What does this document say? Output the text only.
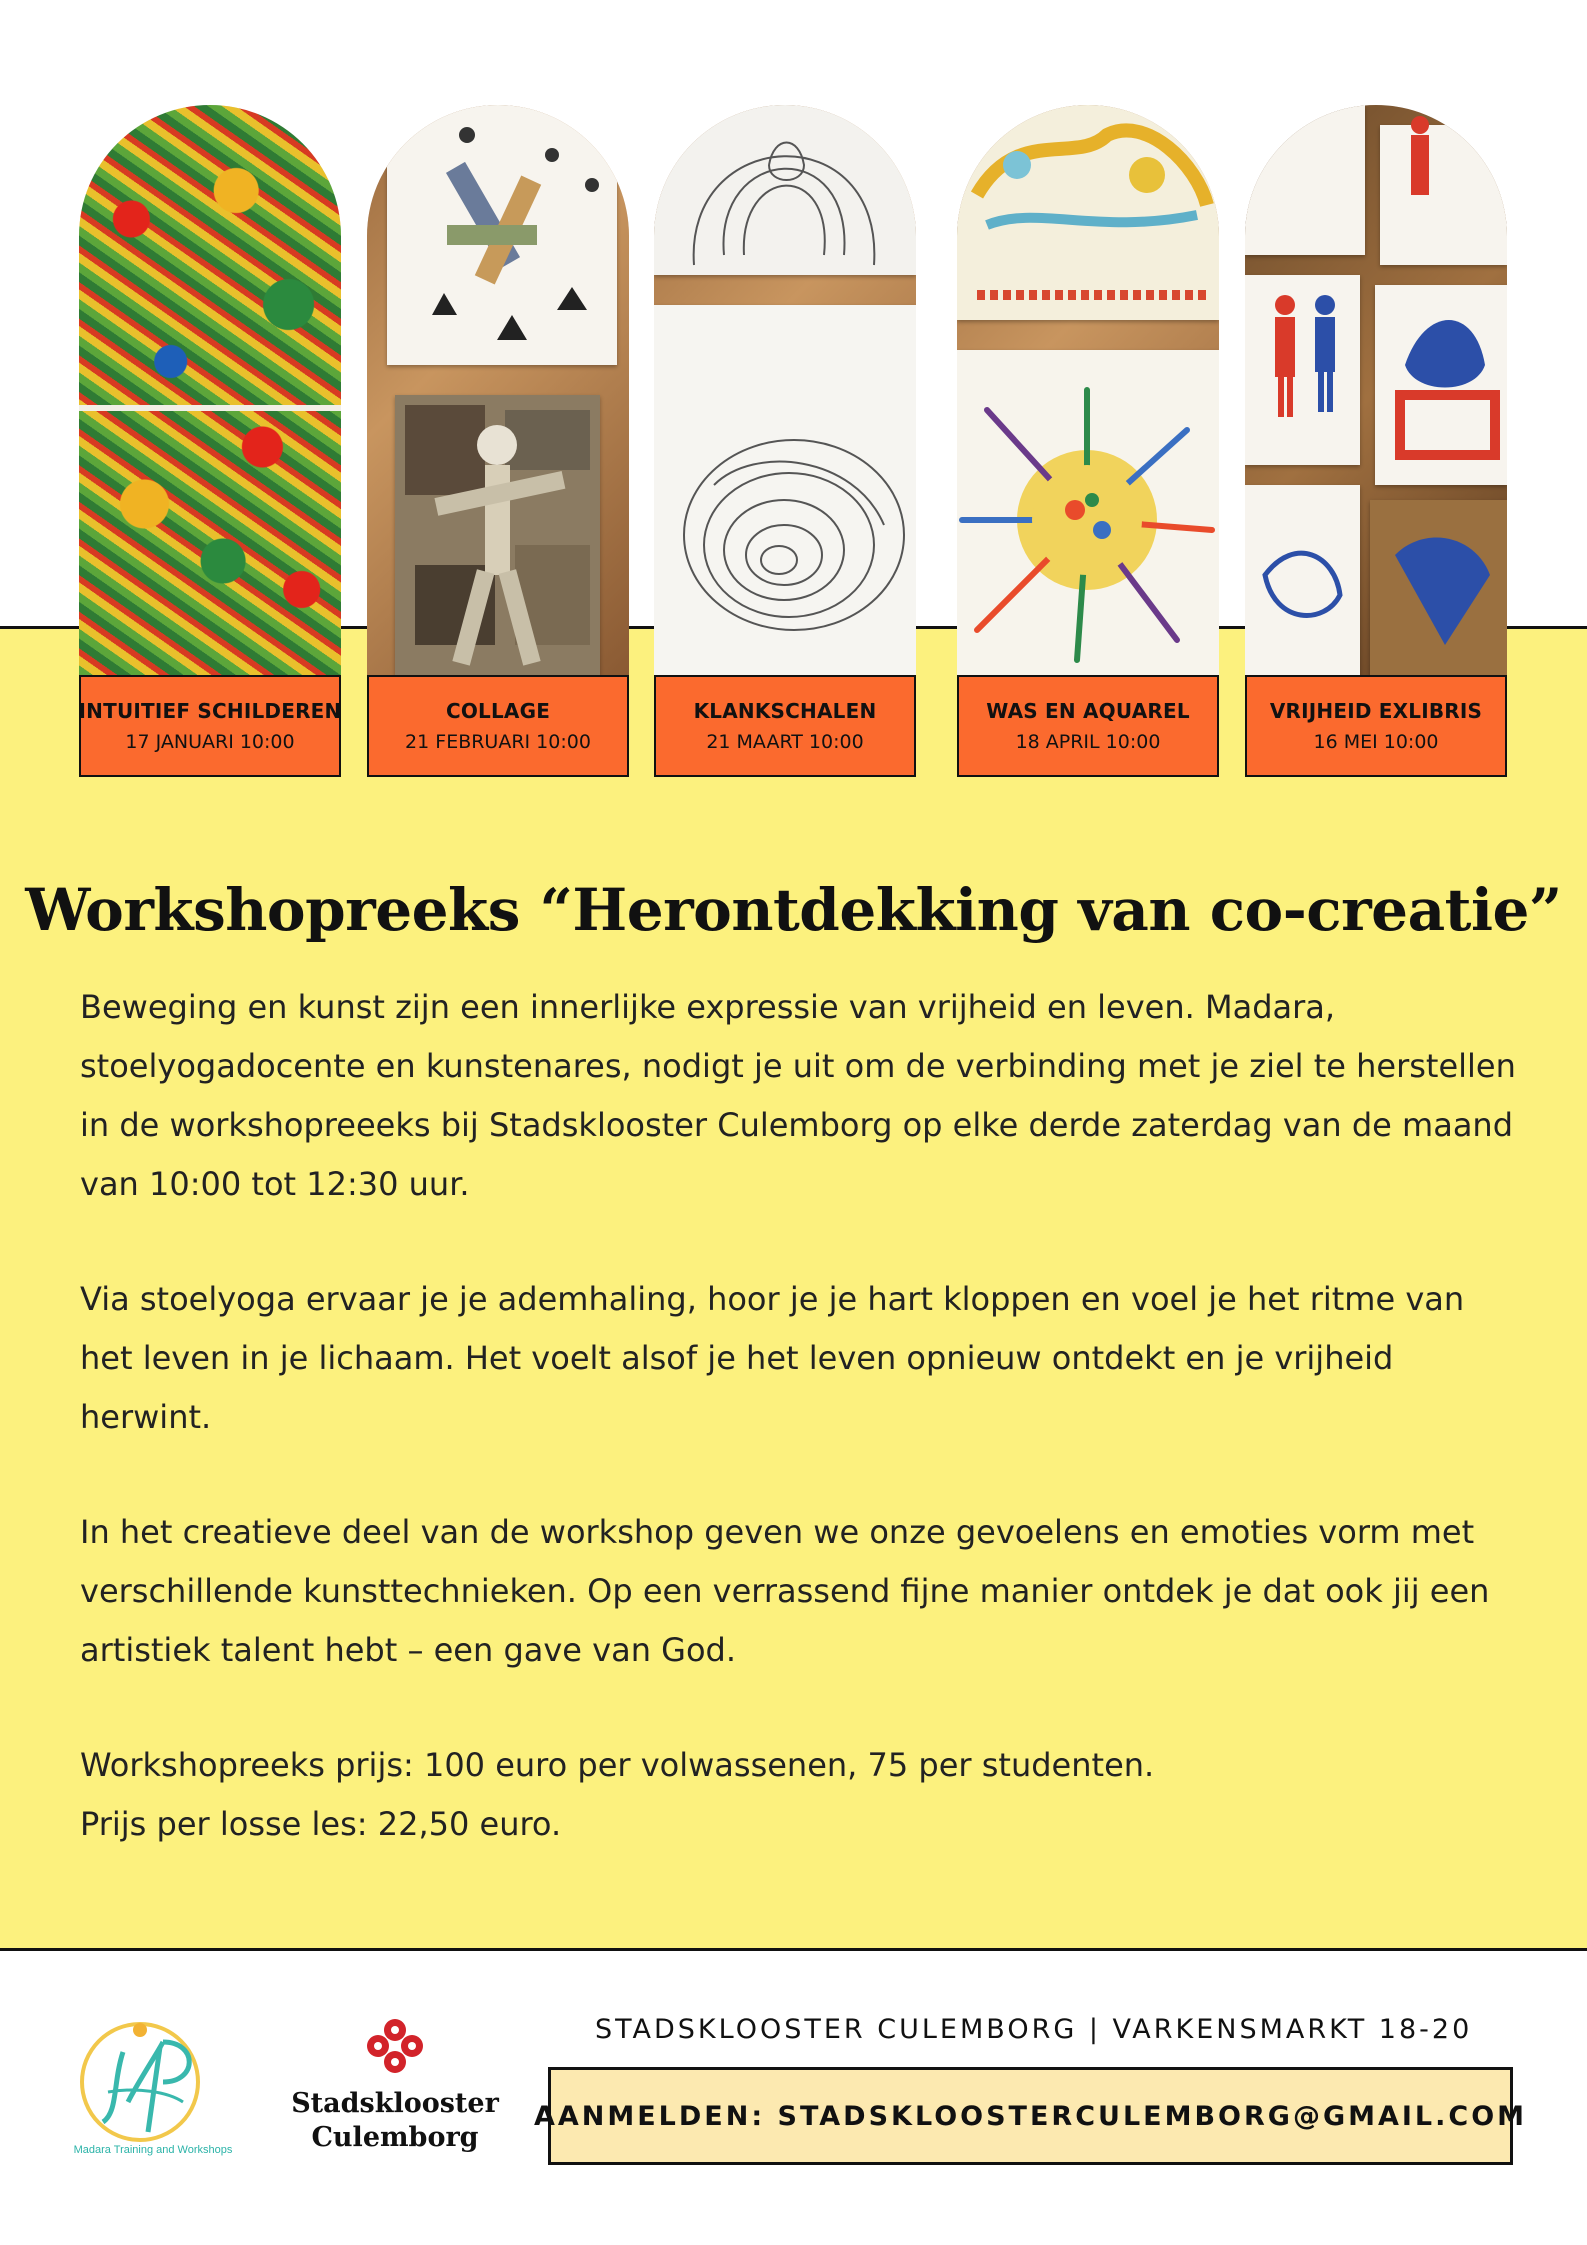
INTUITIEF SCHILDEREN
17 JANUARI 10:00
COLLAGE
21 FEBRUARI 10:00
KLANKSCHALEN
21 MAART 10:00
WAS EN AQUAREL
18 APRIL 10:00
VRIJHEID EXLIBRIS
16 MEI 10:00
Workshopreeks “Herontdekking van co-creatie”

Beweging en kunst zijn een innerlijke expressie van vrijheid en leven. Madara, stoelyogadocente en kunstenares, nodigt je uit om de verbinding met je ziel te herstellen in de workshopreeeks bij Stadsklooster Culemborg op elke derde zaterdag van de maand van 10:00 tot 12:30 uur.

Via stoelyoga ervaar je je ademhaling, hoor je je hart kloppen en voel je het ritme van het leven in je lichaam. Het voelt alsof je het leven opnieuw ontdekt en je vrijheid herwint.

In het creatieve deel van de workshop geven we onze gevoelens en emoties vorm met verschillende kunsttechnieken. Op een verrassend fijne manier ontdek je dat ook jij een artistiek talent hebt – een gave van God.

Workshopreeks prijs: 100 euro per volwassenen, 75 per studenten.

Prijs per losse les: 22,50 euro.

Madara Training and Workshops
Stadsklooster
Culemborg
STADSKLOOSTER CULEMBORG | VARKENSMARKT 18-20
AANMELDEN: STADSKLOOSTERCULEMBORG@GMAIL.COM
